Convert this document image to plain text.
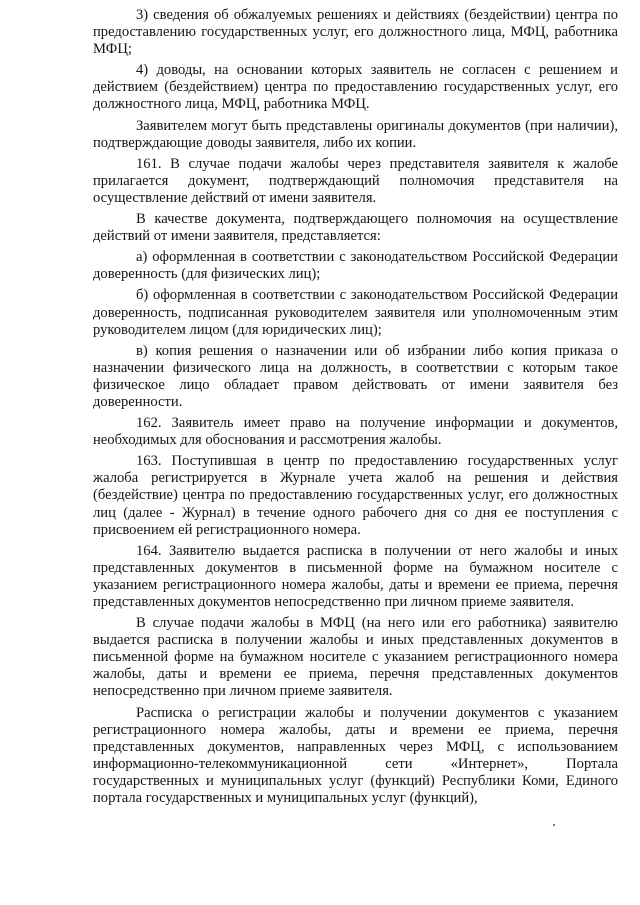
3) сведения об обжалуемых решениях и действиях (бездействии) центра по предоставлению государственных услуг, его должностного лица, МФЦ, работника МФЦ;

4) доводы, на основании которых заявитель не согласен с решением и действием (бездействием) центра по предоставлению государственных услуг, его должностного лица, МФЦ, работника МФЦ.

Заявителем могут быть представлены оригиналы документов (при наличии), подтверждающие доводы заявителя, либо их копии.

161. В случае подачи жалобы через представителя заявителя к жалобе прилагается документ, подтверждающий полномочия представителя на осуществление действий от имени заявителя.

В качестве документа, подтверждающего полномочия на осуществление действий от имени заявителя, представляется:

а) оформленная в соответствии с законодательством Российской Федерации доверенность (для физических лиц);

б) оформленная в соответствии с законодательством Российской Федерации доверенность, подписанная руководителем заявителя или уполномоченным этим руководителем лицом (для юридических лиц);

в) копия решения о назначении или об избрании либо копия приказа о назначении физического лица на должность, в соответствии с которым такое физическое лицо обладает правом действовать от имени заявителя без доверенности.

162. Заявитель имеет право на получение информации и документов, необходимых для обоснования и рассмотрения жалобы.

163. Поступившая в центр по предоставлению государственных услуг жалоба регистрируется в Журнале учета жалоб на решения и действия (бездействие) центра по предоставлению государственных услуг, его должностных лиц (далее - Журнал) в течение одного рабочего дня со дня ее поступления с присвоением ей регистрационного номера.

164. Заявителю выдается расписка в получении от него жалобы и иных представленных документов в письменной форме на бумажном носителе с указанием регистрационного номера жалобы, даты и времени ее приема, перечня представленных документов непосредственно при личном приеме заявителя.

В случае подачи жалобы в МФЦ (на него или его работника) заявителю выдается расписка в получении жалобы и иных представленных документов в письменной форме на бумажном носителе с указанием регистрационного номера жалобы, даты и времени ее приема, перечня представленных документов непосредственно при личном приеме заявителя.

Расписка о регистрации жалобы и получении документов с указанием регистрационного номера жалобы, даты и времени ее приема, перечня представленных документов, направленных через МФЦ, с использованием информационно-телекоммуникационной сети «Интернет», Портала государственных и муниципальных услуг (функций) Республики Коми, Единого портала государственных и муниципальных услуг (функций),
